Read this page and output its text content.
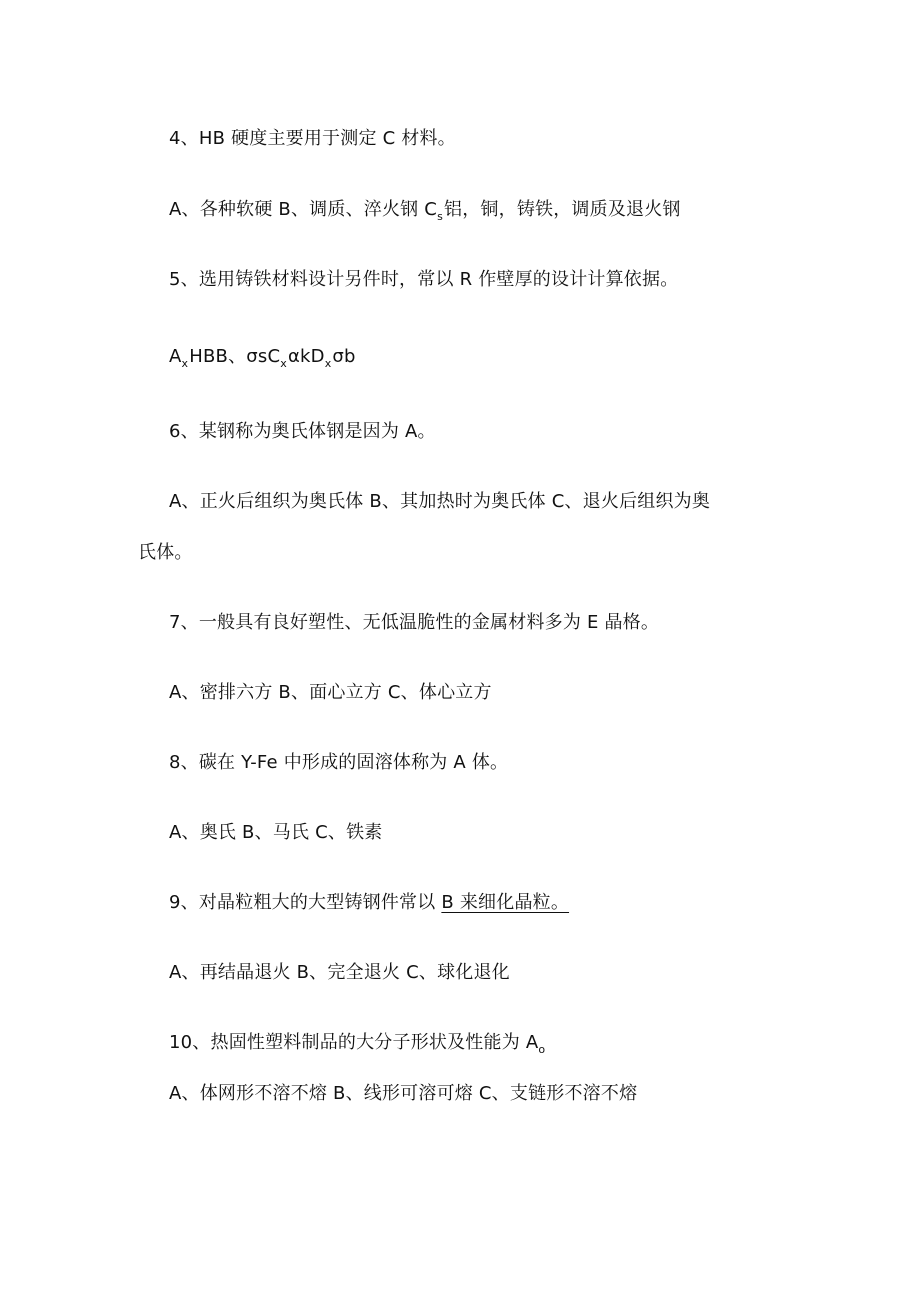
4、HB 硬度主要用于测定 C 材料。
A、各种软硬 B、调质、淬火钢 $C_s$铝，铜，铸铁，调质及退火钢
5、选用铸铁材料设计另件时，常以 R 作壁厚的设计计算依据。
$A_xHBB$、σsC$_x$αkD$_x$σb
6、某钢称为奥氏体钢是因为 A。
A、正火后组织为奥氏体 B、其加热时为奥氏体 C、退火后组织为奥
氏体。
7、一般具有良好塑性、无低温脆性的金属材料多为 E 晶格。
A、密排六方 B、面心立方 C、体心立方
8、碳在 Y-Fe 中形成的固溶体称为 A 体。
A、奥氏 B、马氏 C、铁素
9、对晶粒粗大的大型铸钢件常以 B 来细化晶粒。
A、再结晶退火 B、完全退火 C、球化退化
10、热固性塑料制品的大分子形状及性能为 $A_o$
A、体网形不溶不熔 B、线形可溶可熔 C、支链形不溶不熔
